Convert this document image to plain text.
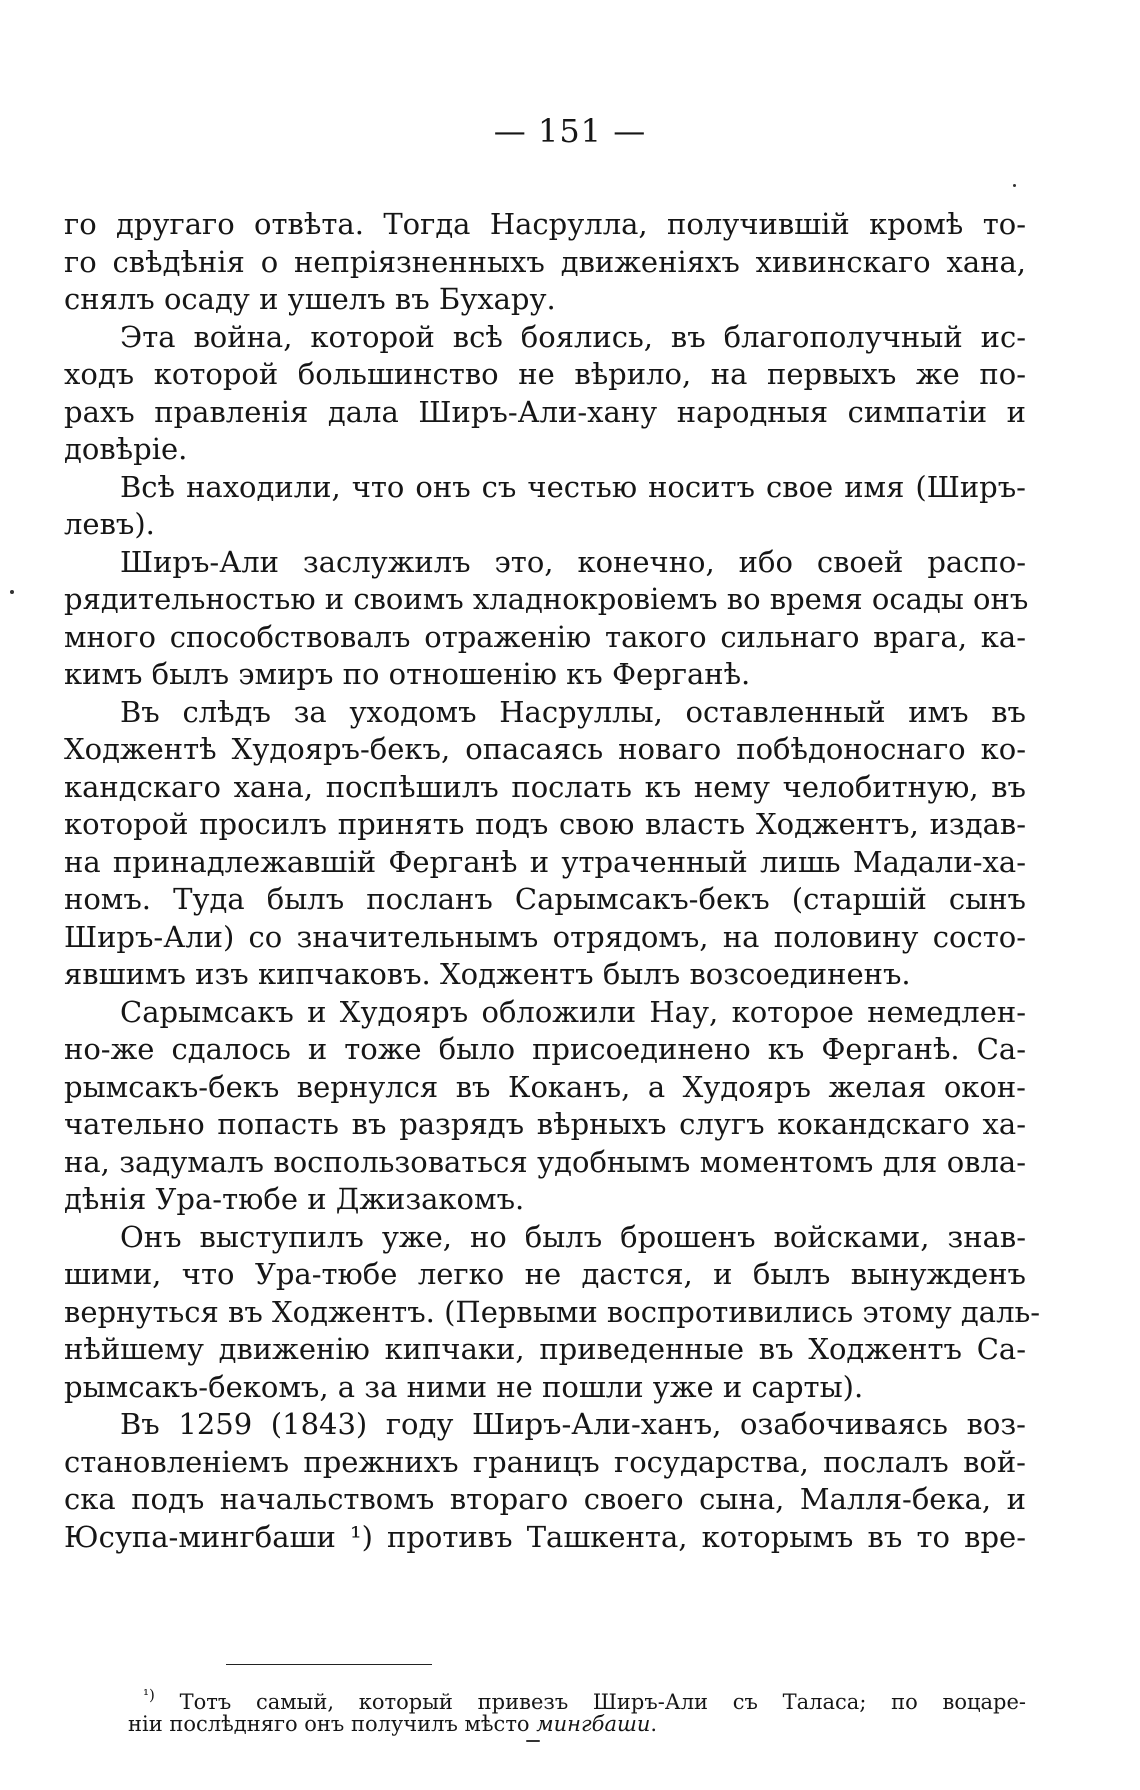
— 151 —
го другаго отвѣта. Тогда Насрулла, получившій кромѣ то-
го свѣдѣнія о непріязненныхъ движеніяхъ хивинскаго хана,
снялъ осаду и ушелъ въ Бухару.
Эта война, которой всѣ боялись, въ благополучный ис-
ходъ которой большинство не вѣрило, на первыхъ же по-
рахъ правленія дала Ширъ-Али-хану народныя симпатіи и
довѣріе.
Всѣ находили, что онъ съ честью носитъ свое имя (Ширъ-
левъ).
Ширъ-Али заслужилъ это, конечно, ибо своей распо-
рядительностью и своимъ хладнокровіемъ во время осады онъ
много способствовалъ отраженію такого сильнаго врага, ка-
кимъ былъ эмиръ по отношенію къ Ферганѣ.
Въ слѣдъ за уходомъ Насруллы, оставленный имъ въ
Ходжентѣ Худояръ-бекъ, опасаясь новаго побѣдоноснаго ко-
кандскаго хана, поспѣшилъ послать къ нему челобитную, въ
которой просилъ принять подъ свою власть Ходжентъ, издав-
на принадлежавшій Ферганѣ и утраченный лишь Мадали-ха-
номъ. Туда былъ посланъ Сарымсакъ-бекъ (старшій сынъ
Ширъ-Али) со значительнымъ отрядомъ, на половину состо-
явшимъ изъ кипчаковъ. Ходжентъ былъ возсоединенъ.
Сарымсакъ и Худояръ обложили Нау, которое немедлен-
но-же сдалось и тоже было присоединено къ Ферганѣ. Са-
рымсакъ-бекъ вернулся въ Коканъ, а Худояръ желая окон-
чательно попасть въ разрядъ вѣрныхъ слугъ кокандскаго ха-
на, задумалъ воспользоваться удобнымъ моментомъ для овла-
дѣнія Ура-тюбе и Джизакомъ.
Онъ выступилъ уже, но былъ брошенъ войсками, знав-
шими, что Ура-тюбе легко не дастся, и былъ вынужденъ
вернуться въ Ходжентъ. (Первыми воспротивились этому даль-
нѣйшему движенію кипчаки, приведенные въ Ходжентъ Са-
рымсакъ-бекомъ, а за ними не пошли уже и сарты).
Въ 1259 (1843) году Ширъ-Али-ханъ, озабочиваясь воз-
становленіемъ прежнихъ границъ государства, послалъ вой-
ска подъ начальствомъ втораго своего сына, Малля-бека, и
Юсупа-мингбаши ¹) противъ Ташкента, которымъ въ то вре-
$^{^1)}$ Тотъ самый, который привезъ Ширъ-Али съ Таласа; по воцаре-
ніи послѣдняго онъ получилъ мѣсто мингбаши.
